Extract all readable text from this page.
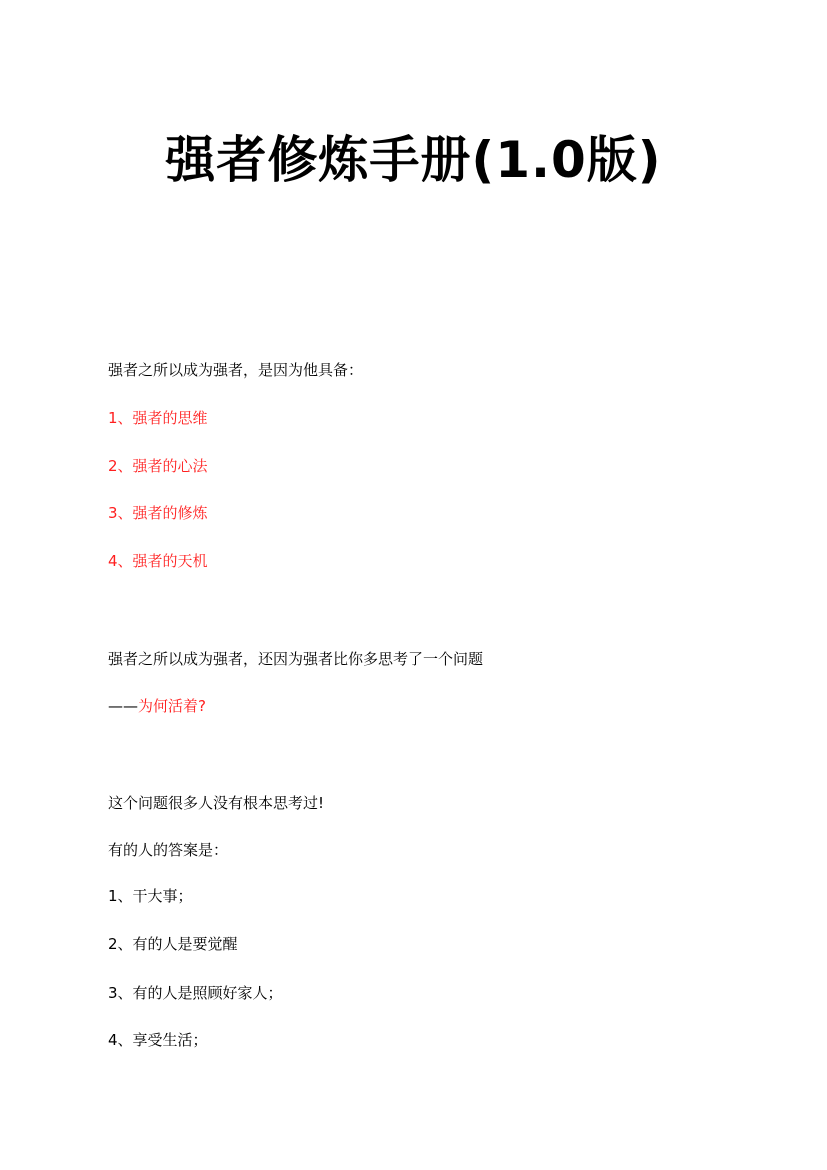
强者修炼手册(1.0版)

强者之所以成为强者，是因为他具备：

1、强者的思维

2、强者的心法

3、强者的修炼

4、强者的天机

强者之所以成为强者，还因为强者比你多思考了一个问题

——为何活着?

这个问题很多人没有根本思考过!

有的人的答案是：

1、干大事；

2、有的人是要觉醒

3、有的人是照顾好家人；

4、享受生活；
